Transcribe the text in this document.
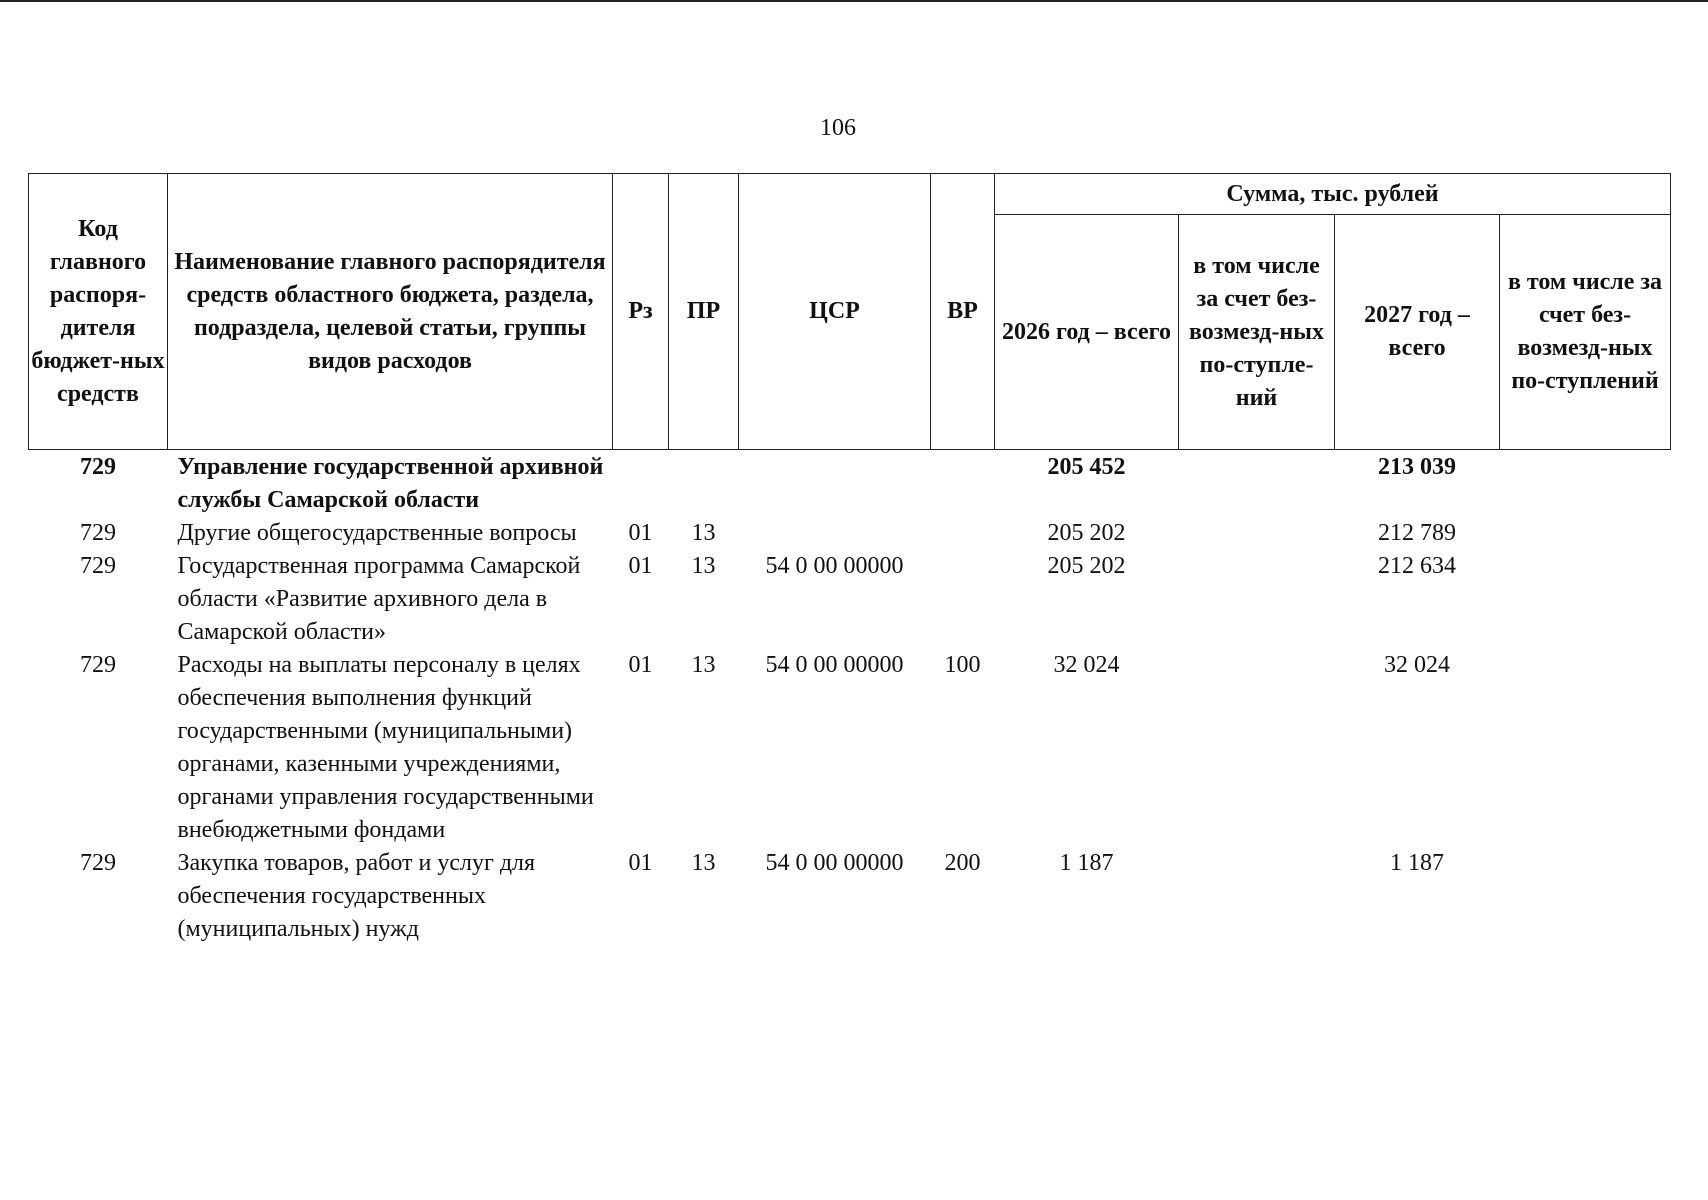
106
Код главного распоря-дителя бюджет-ных средств	Наименование главного распорядителя средств областного бюджета, раздела, подраздела, целевой статьи, группы видов расходов	Рз	ПР	ЦСР	ВР	Сумма, тыс. рублей			
						2026 год – всего	в том числе за счет без-возмезд-ных по-ступле-ний	2027 год – всего	в том числе за счет без-возмезд-ных по-ступлений
729	Управление государственной архивной службы Самарской области					205 452		213 039	
729	Другие общегосударственные вопросы	01	13			205 202		212 789	
729	Государственная программа Самарской области «Развитие архивного дела в Самарской области»	01	13	54 0 00 00000		205 202		212 634	
729	Расходы на выплаты персоналу в целях обеспечения выполнения функций государственными (муниципальными) органами, казенными учреждениями, органами управления государственными внебюджетными фондами	01	13	54 0 00 00000	100	32 024		32 024	
729	Закупка товаров, работ и услуг для обеспечения государственных (муниципальных) нужд	01	13	54 0 00 00000	200	1 187		1 187	
